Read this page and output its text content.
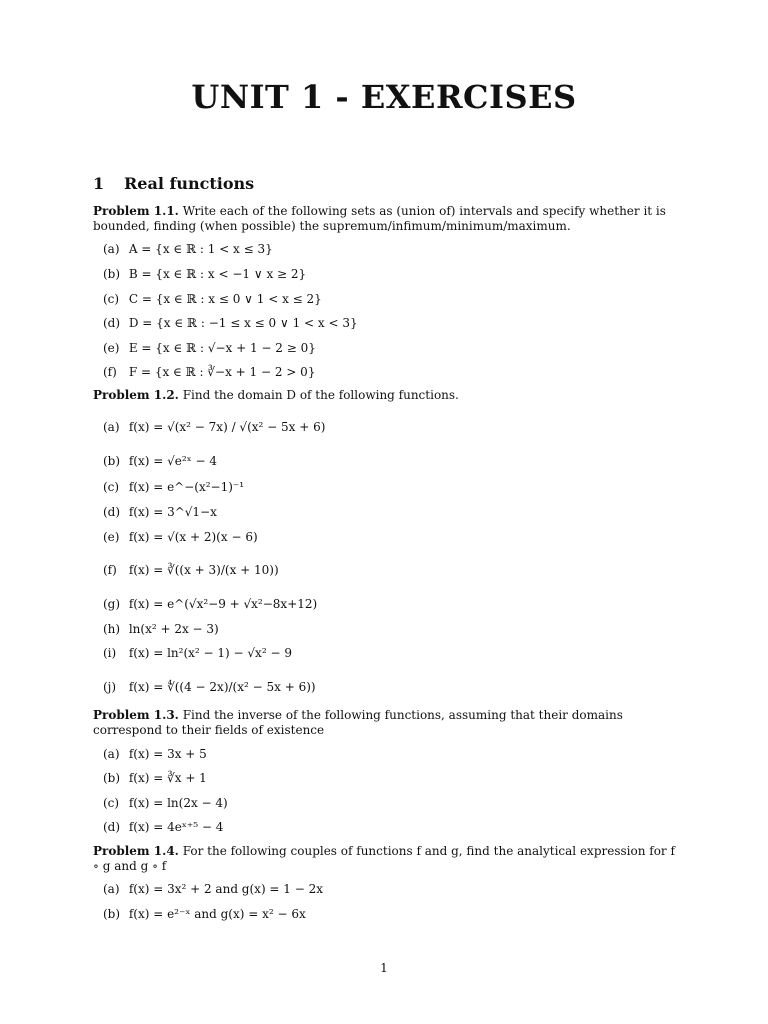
UNIT 1 - EXERCISES
1 Real functions
Problem 1.1. Write each of the following sets as (union of) intervals and specify whether it is bounded, finding (when possible) the supremum/infimum/minimum/maximum.
(a) A = {x ∈ ℝ : 1 < x ≤ 3}
(b) B = {x ∈ ℝ : x < −1 ∨ x ≥ 2}
(c) C = {x ∈ ℝ : x ≤ 0 ∨ 1 < x ≤ 2}
(d) D = {x ∈ ℝ : −1 ≤ x ≤ 0 ∨ 1 < x < 3}
(e) E = {x ∈ ℝ : √−x + 1 − 2 ≥ 0}
(f) F = {x ∈ ℝ : ∛−x + 1 − 2 > 0}
Problem 1.2. Find the domain D of the following functions.
(a) f(x) = √(x² − 7x) / √(x² − 5x + 6)
(b) f(x) = √e²ˣ − 4
(c) f(x) = e^−(x²−1)⁻¹
(d) f(x) = 3^√1−x
(e) f(x) = √(x + 2)(x − 6)
(f) f(x) = ∛((x + 3)/(x + 10))
(g) f(x) = e^(√x²−9 + √x²−8x+12)
(h) ln(x² + 2x − 3)
(i) f(x) = ln²(x² − 1) − √x² − 9
(j) f(x) = ∜((4 − 2x)/(x² − 5x + 6))
Problem 1.3. Find the inverse of the following functions, assuming that their domains correspond to their fields of existence
(a) f(x) = 3x + 5
(b) f(x) = ∛x + 1
(c) f(x) = ln(2x − 4)
(d) f(x) = 4eˣ⁺⁵ − 4
Problem 1.4. For the following couples of functions f and g, find the analytical expression for f ∘ g and g ∘ f
(a) f(x) = 3x² + 2 and g(x) = 1 − 2x
(b) f(x) = e²⁻ˣ and g(x) = x² − 6x
1
